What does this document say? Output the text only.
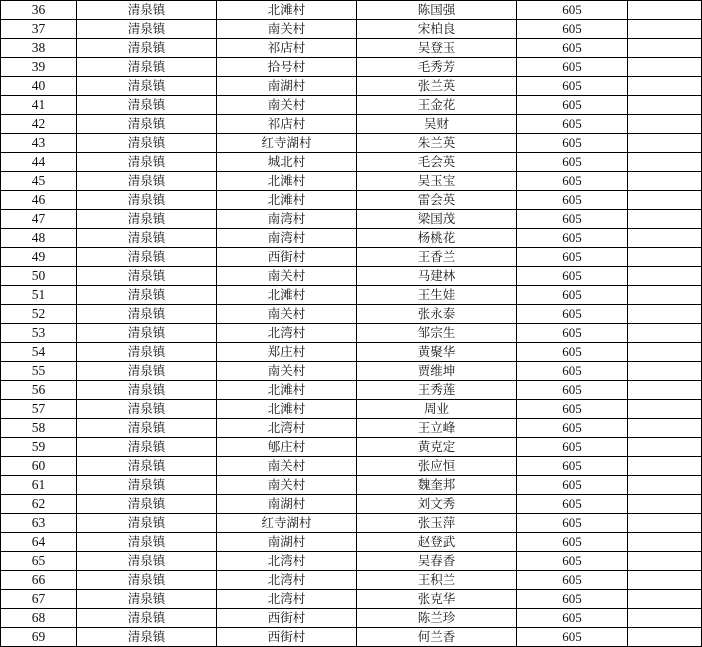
36	清泉镇	北滩村	陈国强	605	
37	清泉镇	南关村	宋柏良	605	
38	清泉镇	祁店村	吴登玉	605	
39	清泉镇	拾号村	毛秀芳	605	
40	清泉镇	南湖村	张兰英	605	
41	清泉镇	南关村	王金花	605	
42	清泉镇	祁店村	吴财	605	
43	清泉镇	红寺湖村	朱兰英	605	
44	清泉镇	城北村	毛会英	605	
45	清泉镇	北滩村	吴玉宝	605	
46	清泉镇	北滩村	雷会英	605	
47	清泉镇	南湾村	梁国茂	605	
48	清泉镇	南湾村	杨桃花	605	
49	清泉镇	西街村	王香兰	605	
50	清泉镇	南关村	马建林	605	
51	清泉镇	北滩村	王生娃	605	
52	清泉镇	南关村	张永泰	605	
53	清泉镇	北湾村	邹宗生	605	
54	清泉镇	郑庄村	黄聚华	605	
55	清泉镇	南关村	贾维坤	605	
56	清泉镇	北滩村	王秀莲	605	
57	清泉镇	北滩村	周业	605	
58	清泉镇	北湾村	王立峰	605	
59	清泉镇	郇庄村	黄克定	605	
60	清泉镇	南关村	张应恒	605	
61	清泉镇	南关村	魏奎邦	605	
62	清泉镇	南湖村	刘文秀	605	
63	清泉镇	红寺湖村	张玉萍	605	
64	清泉镇	南湖村	赵登武	605	
65	清泉镇	北湾村	吴春香	605	
66	清泉镇	北湾村	王积兰	605	
67	清泉镇	北湾村	张克华	605	
68	清泉镇	西街村	陈兰珍	605	
69	清泉镇	西街村	何兰香	605	
